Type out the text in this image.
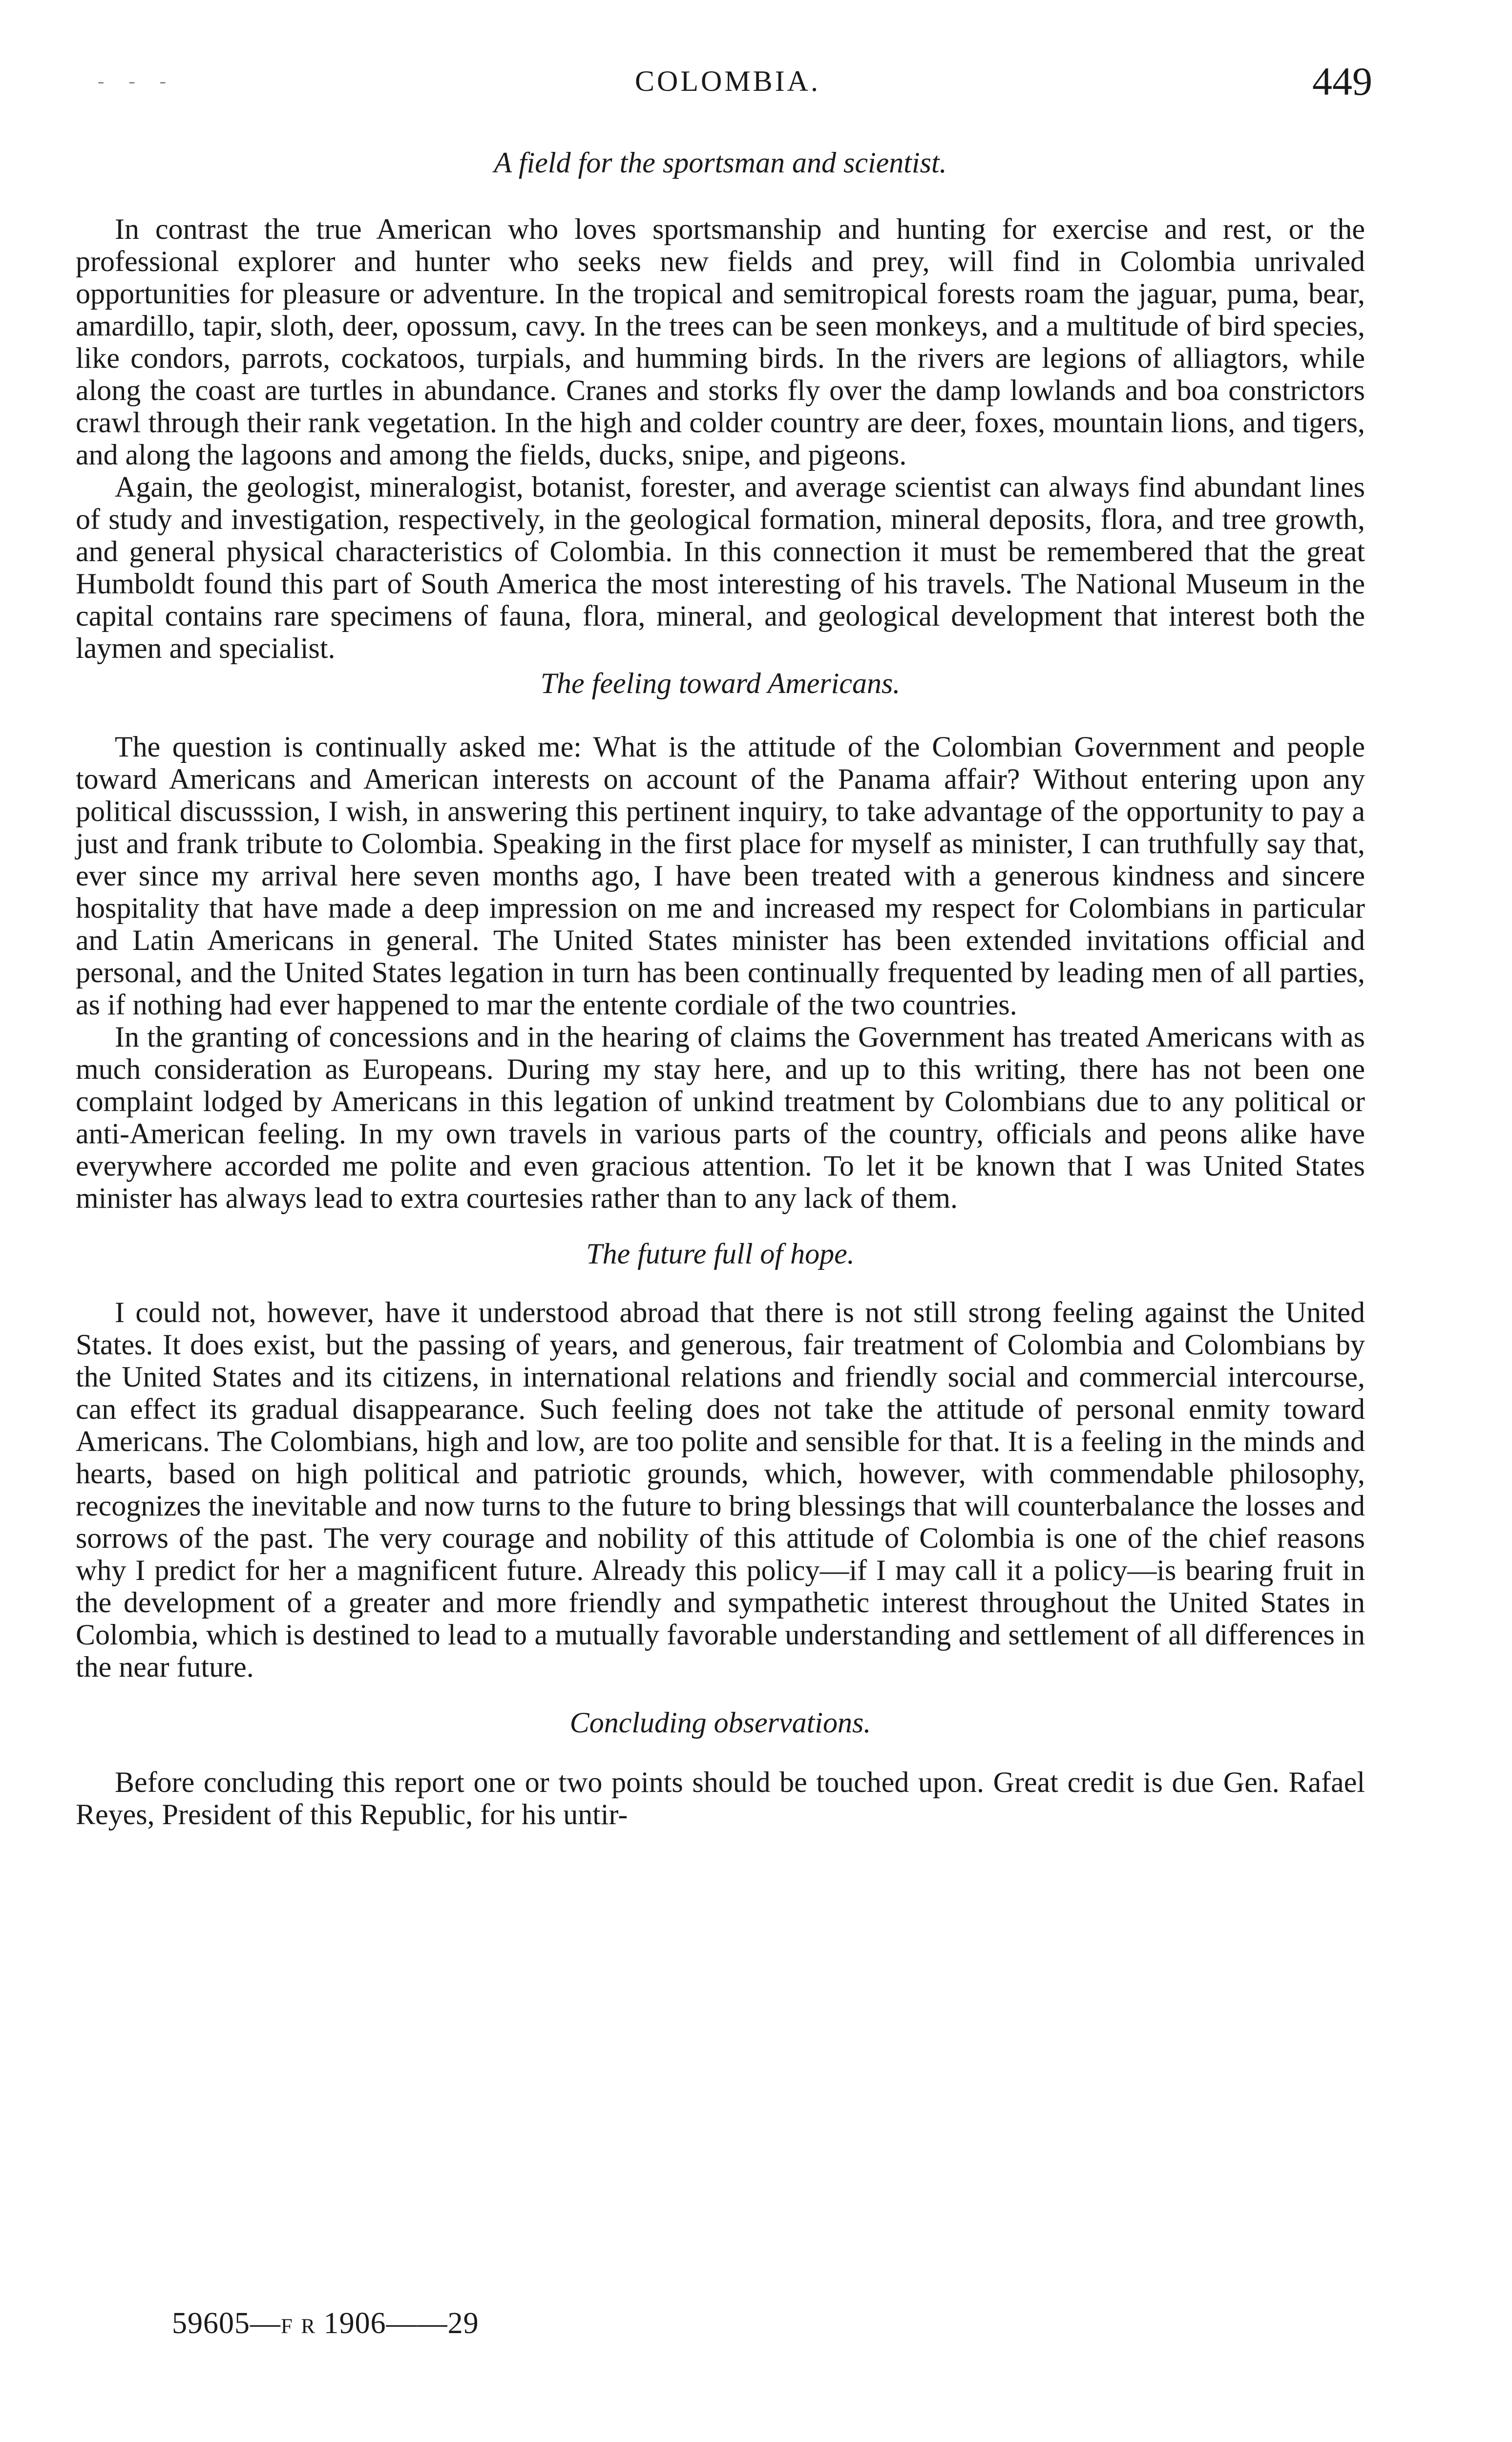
- - -	COLOMBIA.	449

A field for the sportsman and scientist.

In contrast the true American who loves sportsmanship and hunting for exercise and rest, or the professional explorer and hunter who seeks new fields and prey, will find in Colombia unrivaled opportunities for pleasure or adventure. In the tropical and semitropical forests roam the jaguar, puma, bear, amardillo, tapir, sloth, deer, opossum, cavy. In the trees can be seen monkeys, and a multitude of bird species, like condors, parrots, cockatoos, turpials, and humming birds. In the rivers are legions of alliagtors, while along the coast are turtles in abundance. Cranes and storks fly over the damp lowlands and boa constrictors crawl through their rank vegetation. In the high and colder country are deer, foxes, mountain lions, and tigers, and along the lagoons and among the fields, ducks, snipe, and pigeons.

Again, the geologist, mineralogist, botanist, forester, and average scientist can always find abundant lines of study and investigation, respectively, in the geological formation, mineral deposits, flora, and tree growth, and general physical characteristics of Colombia. In this connection it must be remembered that the great Humboldt found this part of South America the most interesting of his travels. The National Museum in the capital contains rare specimens of fauna, flora, mineral, and geological development that interest both the laymen and specialist.

The feeling toward Americans.

The question is continually asked me: What is the attitude of the Colombian Government and people toward Americans and American interests on account of the Panama affair? Without entering upon any political discusssion, I wish, in answering this pertinent inquiry, to take advantage of the opportunity to pay a just and frank tribute to Colombia. Speaking in the first place for myself as minister, I can truthfully say that, ever since my arrival here seven months ago, I have been treated with a generous kindness and sincere hospitality that have made a deep impression on me and increased my respect for Colombians in particular and Latin Americans in general. The United States minister has been extended invitations official and personal, and the United States legation in turn has been continually frequented by leading men of all parties, as if nothing had ever happened to mar the entente cordiale of the two countries.

In the granting of concessions and in the hearing of claims the Government has treated Americans with as much consideration as Europeans. During my stay here, and up to this writing, there has not been one complaint lodged by Americans in this legation of unkind treatment by Colombians due to any political or anti-American feeling. In my own travels in various parts of the country, officials and peons alike have everywhere accorded me polite and even gracious attention. To let it be known that I was United States minister has always lead to extra courtesies rather than to any lack of them.

The future full of hope.

I could not, however, have it understood abroad that there is not still strong feeling against the United States. It does exist, but the passing of years, and generous, fair treatment of Colombia and Colombians by the United States and its citizens, in international relations and friendly social and commercial intercourse, can effect its gradual disappearance. Such feeling does not take the attitude of personal enmity toward Americans. The Colombians, high and low, are too polite and sensible for that. It is a feeling in the minds and hearts, based on high political and patriotic grounds, which, however, with commendable philosophy, recognizes the inevitable and now turns to the future to bring blessings that will counterbalance the losses and sorrows of the past. The very courage and nobility of this attitude of Colombia is one of the chief reasons why I predict for her a magnificent future. Already this policy—if I may call it a policy—is bearing fruit in the development of a greater and more friendly and sympathetic interest throughout the United States in Colombia, which is destined to lead to a mutually favorable understanding and settlement of all differences in the near future.

Concluding observations.

Before concluding this report one or two points should be touched upon. Great credit is due Gen. Rafael Reyes, President of this Republic, for his untir-

59605—f r 1906——29
